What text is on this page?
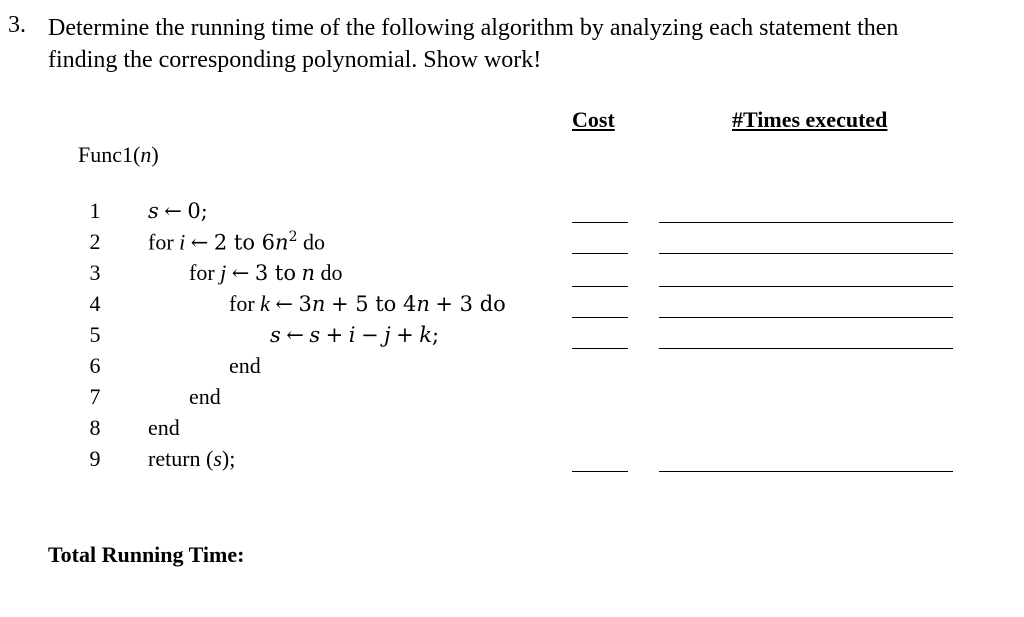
3. Determine the running time of the following algorithm by analyzing each statement then
finding the corresponding polynomial. Show work!
Cost	#Times executed
Func1(n)
1
2
3
4
5
6
7
8
9
s ← 0;
for i ← 2 to $6n^2$ do
for j ← 3 to n do
for k ← 3n + 5 to 4n + 3 do
s ← s + i − j + k;
end
end
end
return (s);
Total Running Time:
